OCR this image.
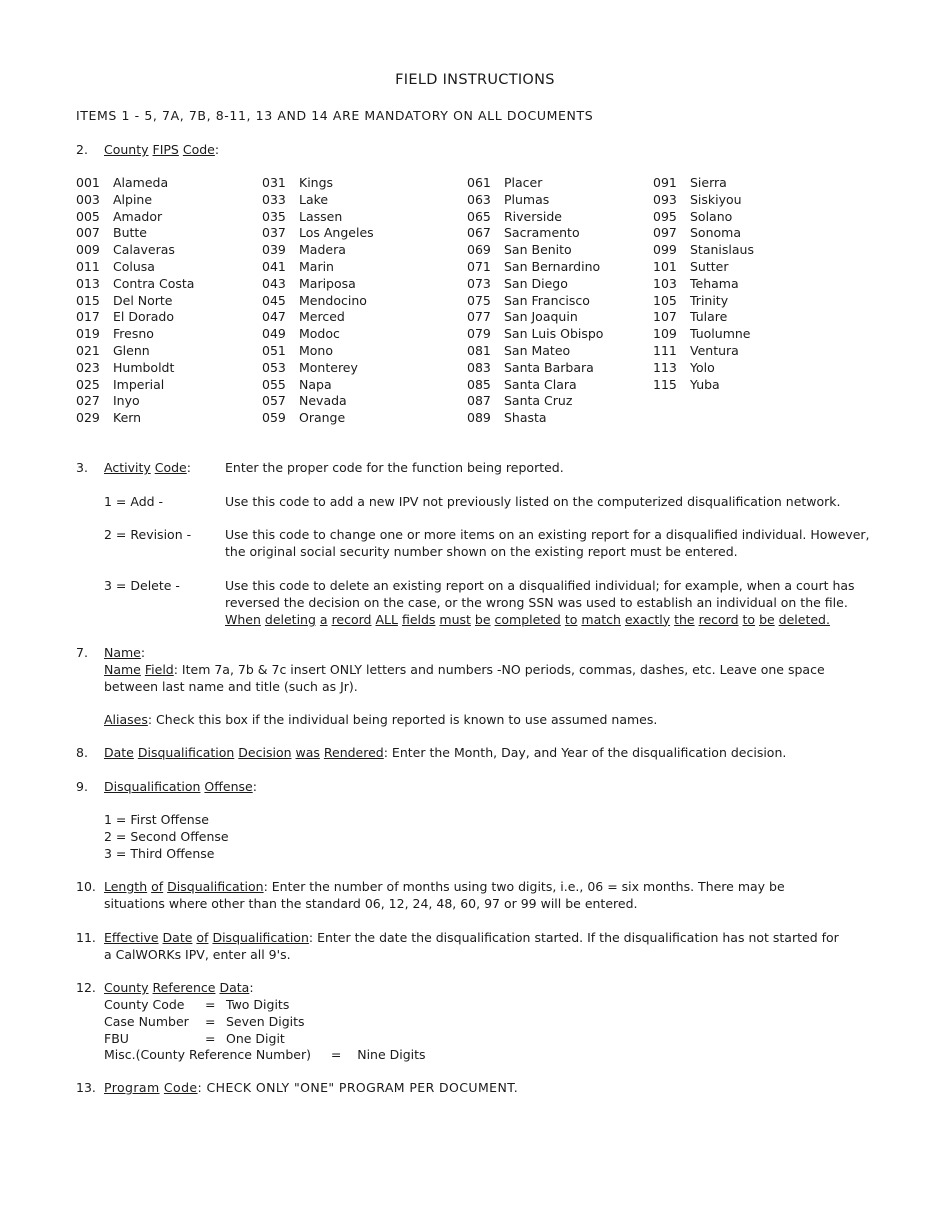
FIELD INSTRUCTIONS
ITEMS 1 - 5, 7A, 7B, 8-11, 13 AND 14 ARE MANDATORY ON ALL DOCUMENTS
2. County FIPS Code:
001	Alameda
003	Alpine
005	Amador
007	Butte
009	Calaveras
011	Colusa
013	Contra Costa
015	Del Norte
017	El Dorado
019	Fresno
021	Glenn
023	Humboldt
025	Imperial
027	Inyo
029	Kern
031	Kings
033	Lake
035	Lassen
037	Los Angeles
039	Madera
041	Marin
043	Mariposa
045	Mendocino
047	Merced
049	Modoc
051	Mono
053	Monterey
055	Napa
057	Nevada
059	Orange
061	Placer
063	Plumas
065	Riverside
067	Sacramento
069	San Benito
071	San Bernardino
073	San Diego
075	San Francisco
077	San Joaquin
079	San Luis Obispo
081	San Mateo
083	Santa Barbara
085	Santa Clara
087	Santa Cruz
089	Shasta
091	Sierra
093	Siskiyou
095	Solano
097	Sonoma
099	Stanislaus
101	Sutter
103	Tehama
105	Trinity
107	Tulare
109	Tuolumne
111	Ventura
113	Yolo
115	Yuba
3. Activity Code:	Enter the proper code for the function being reported.
1 = Add -	Use this code to add a new IPV not previously listed on the computerized disqualification network.
2 = Revision -	Use this code to change one or more items on an existing report for a disqualified individual. However, the original social security number shown on the existing report must be entered.
3 = Delete -	Use this code to delete an existing report on a disqualified individual; for example, when a court has reversed the decision on the case, or the wrong SSN was used to establish an individual on the file.
When deleting a record ALL fields must be completed to match exactly the record to be deleted.
7. Name:
Name Field: Item 7a, 7b & 7c insert ONLY letters and numbers -NO periods, commas, dashes, etc. Leave one space between last name and title (such as Jr).
Aliases: Check this box if the individual being reported is known to use assumed names.
8. Date Disqualification Decision was Rendered: Enter the Month, Day, and Year of the disqualification decision.
9. Disqualification Offense:
1 = First Offense
2 = Second Offense
3 = Third Offense
10. Length of Disqualification: Enter the number of months using two digits, i.e., 06 = six months. There may be situations where other than the standard 06, 12, 24, 48, 60, 97 or 99 will be entered.
11. Effective Date of Disqualification: Enter the date the disqualification started. If the disqualification has not started for a CalWORKs IPV, enter all 9's.
12. County Reference Data:
County Code	= Two Digits
Case Number	= Seven Digits
FBU	= One Digit
Misc.(County Reference Number)     =    Nine Digits
13. Program Code: CHECK ONLY "ONE" PROGRAM PER DOCUMENT.
